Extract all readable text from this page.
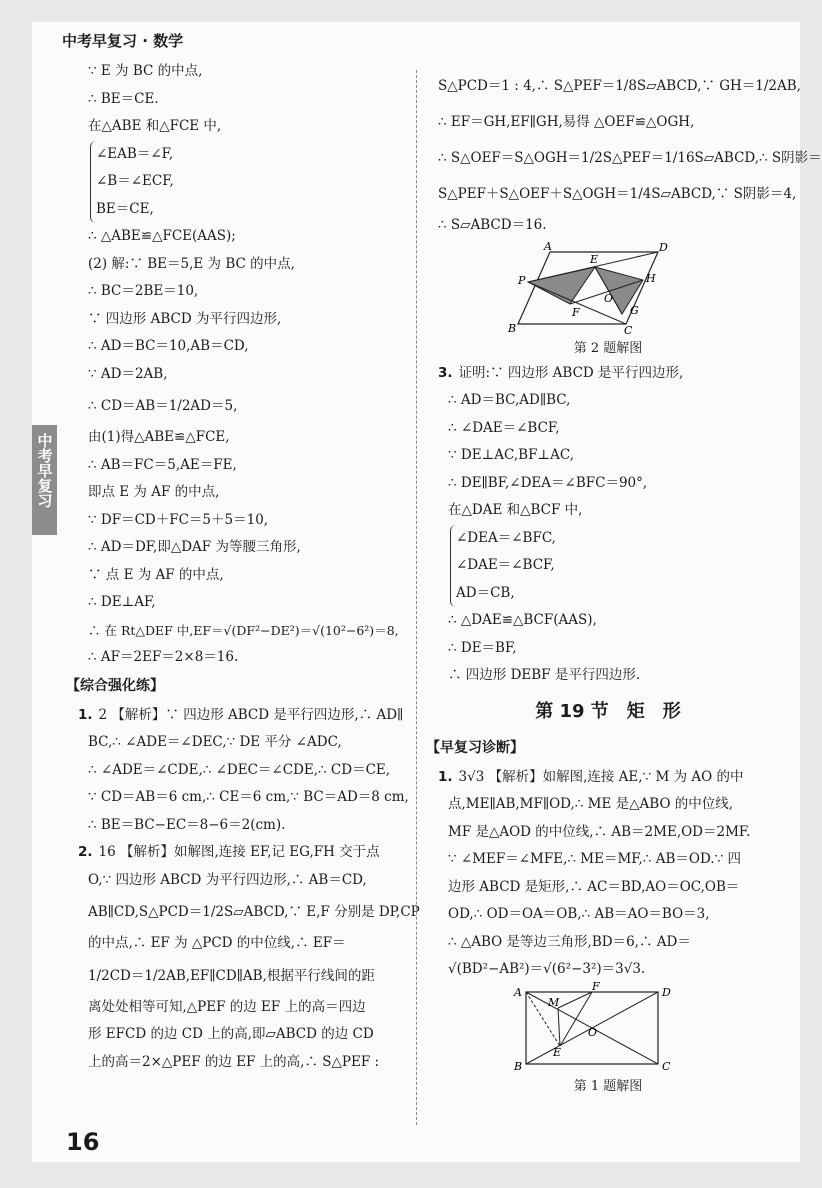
中考早复习 · 数学
中考早复习
16
∵ E 为 BC 的中点,
∴ BE＝CE.
在△ABE 和△FCE 中,
∠EAB＝∠F,
∠B＝∠ECF,
BE＝CE,
∴ △ABE≌△FCE(AAS);
(2) 解:∵ BE＝5,E 为 BC 的中点,
∴ BC＝2BE＝10,
∵ 四边形 ABCD 为平行四边形,
∴ AD＝BC＝10,AB＝CD,
∵ AD＝2AB,
∴ CD＝AB＝1/2AD＝5,
由(1)得△ABE≌△FCE,
∴ AB＝FC＝5,AE＝FE,
即点 E 为 AF 的中点,
∵ DF＝CD＋FC＝5＋5＝10,
∴ AD＝DF,即△DAF 为等腰三角形,
∵ 点 E 为 AF 的中点,
∴ DE⊥AF,
∴ 在 Rt△DEF 中,EF＝√(DF²−DE²)＝√(10²−6²)＝8,
∴ AF＝2EF＝2×8＝16.
【综合强化练】
1. 2 【解析】∵ 四边形 ABCD 是平行四边形,∴ AD∥
BC,∴ ∠ADE＝∠DEC,∵ DE 平分 ∠ADC,
∴ ∠ADE＝∠CDE,∴ ∠DEC＝∠CDE,∴ CD＝CE,
∵ CD＝AB＝6 cm,∴ CE＝6 cm,∵ BC＝AD＝8 cm,
∴ BE＝BC−EC＝8−6＝2(cm).
2. 16 【解析】如解图,连接 EF,记 EG,FH 交于点
O,∵ 四边形 ABCD 为平行四边形,∴ AB＝CD,
AB∥CD,S△PCD＝1/2S▱ABCD,∵ E,F 分别是 DP,CP
的中点,∴ EF 为 △PCD 的中位线,∴ EF＝
1/2CD＝1/2AB,EF∥CD∥AB,根据平行线间的距
离处处相等可知,△PEF 的边 EF 上的高＝四边
形 EFCD 的边 CD 上的高,即▱ABCD 的边 CD
上的高＝2×△PEF 的边 EF 上的高,∴ S△PEF :
S△PCD＝1 : 4,∴ S△PEF＝1/8S▱ABCD,∵ GH＝1/2AB,
∴ EF＝GH,EF∥GH,易得 △OEF≌△OGH,
∴ S△OEF＝S△OGH＝1/2S△PEF＝1/16S▱ABCD,∴ S阴影＝
S△PEF＋S△OEF＋S△OGH＝1/4S▱ABCD,∵ S阴影＝4,
∴ S▱ABCD＝16.
A	D
E
P	H
O
F	G
B	C
第 2 题解图
3. 证明:∵ 四边形 ABCD 是平行四边形,
∴ AD＝BC,AD∥BC,
∴ ∠DAE＝∠BCF,
∵ DE⊥AC,BF⊥AC,
∴ DE∥BF,∠DEA＝∠BFC＝90°,
在△DAE 和△BCF 中,
∠DEA＝∠BFC,
∠DAE＝∠BCF,
AD＝CB,
∴ △DAE≌△BCF(AAS),
∴ DE＝BF,
∴ 四边形 DEBF 是平行四边形.
第 19 节　矩　形
【早复习诊断】
1. 3√3 【解析】如解图,连接 AE,∵ M 为 AO 的中
点,ME∥AB,MF∥OD,∴ ME 是△ABO 的中位线,
MF 是△AOD 的中位线,∴ AB＝2ME,OD＝2MF.
∵ ∠MEF＝∠MFE,∴ ME＝MF,∴ AB＝OD.∵ 四
边形 ABCD 是矩形,∴ AC＝BD,AO＝OC,OB＝
OD,∴ OD＝OA＝OB,∴ AB＝AO＝BO＝3,
∴ △ABO 是等边三角形,BD＝6,∴ AD＝
√(BD²−AB²)＝√(6²−3²)＝3√3.
A	F	D
M
O
E
B	C
第 1 题解图
